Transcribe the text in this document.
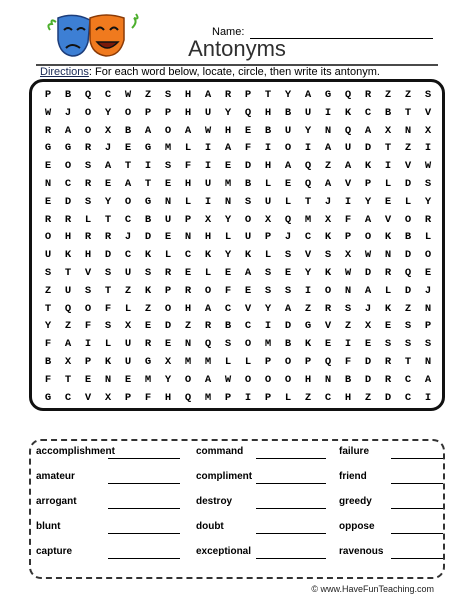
Name:
Antonyms
Directions: For each word below, locate, circle, then write its antonym.
P	B	Q	C	W	Z	S	H	A	R	P	T	Y	A	G	Q	R	Z	Z	S
W	J	O	Y	O	P	P	H	U	Y	Q	H	B	U	I	K	C	B	T	V
R	A	O	X	B	A	O	A	W	H	E	B	U	Y	N	Q	A	X	N	X
G	G	R	J	E	G	M	L	I	A	F	I	O	I	A	U	D	T	Z	I
E	O	S	A	T	I	S	F	I	E	D	H	A	Q	Z	A	K	I	V	W
N	C	R	E	A	T	E	H	U	M	B	L	E	Q	A	V	P	L	D	S
E	D	S	Y	O	G	N	L	I	N	S	U	L	T	J	I	Y	E	L	Y
R	R	L	T	C	B	U	P	X	Y	O	X	Q	M	X	F	A	V	O	R
O	H	R	R	J	D	E	N	H	L	U	P	J	C	K	P	O	K	B	L
U	K	H	D	C	K	L	C	K	Y	K	L	S	V	S	X	W	N	D	O
S	T	V	S	U	S	R	E	L	E	A	S	E	Y	K	W	D	R	Q	E
Z	U	S	T	Z	K	P	R	O	F	E	S	S	I	O	N	A	L	D	J
T	Q	O	F	L	Z	O	H	A	C	V	Y	A	Z	R	S	J	K	Z	N
Y	Z	F	S	X	E	D	Z	R	B	C	I	D	G	V	Z	X	E	S	P
F	A	I	L	U	R	E	N	Q	S	O	M	B	K	E	I	E	S	S	S
B	X	P	K	U	G	X	M	M	L	L	P	O	P	Q	F	D	R	T	N
F	T	E	N	E	M	Y	O	A	W	O	O	O	H	N	B	D	R	C	A
G	C	V	X	P	F	H	Q	M	P	I	P	L	Z	C	H	Z	D	C	I
accomplishment	command	failure
amateur	compliment	friend
arrogant	destroy	greedy
blunt	doubt	oppose
capture	exceptional	ravenous
© www.HaveFunTeaching.com
